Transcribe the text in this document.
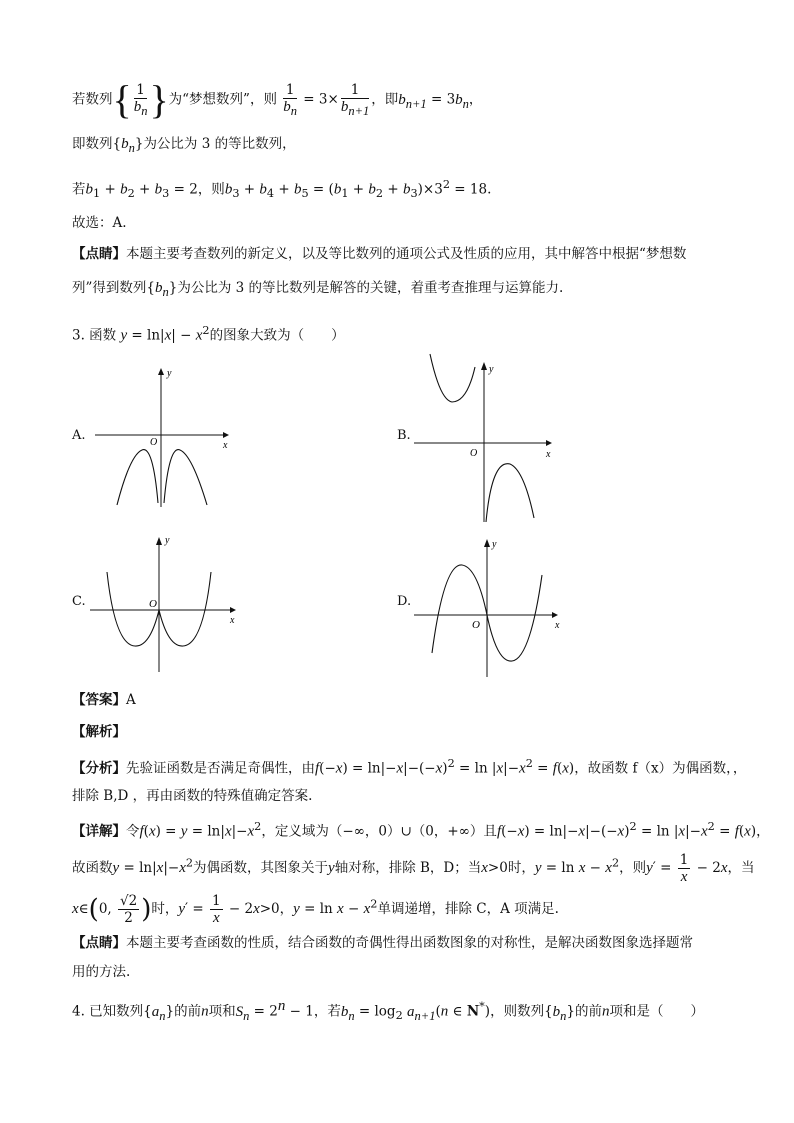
若数列{ $\frac{1}{b_n}$ }为“梦想数列”，则 $\frac{1}{b_n} = 3\times \frac{1}{b_{n+1}}$ ，即$b_{n+1} = 3b_n$，
即数列$\{b_n\}$为公比为 3 的等比数列，
若$b_1 + b_2 + b_3 = 2$，则$b_3 + b_4 + b_5 = (b_1 + b_2 + b_3)\times 3^2 = 18$.
故选：A.
【点睛】本题主要考查数列的新定义，以及等比数列的通项公式及性质的应用，其中解答中根据“梦想数
列”得到数列$\{b_n\}$为公比为 3 的等比数列是解答的关键，着重考查推理与运算能力.
3. 函数 $y = \ln|x| - x^2$的图象大致为（　　）
A.	B.
C.	D.
y
x
O
y
x
O
y
x
O
y
x
O
【答案】A
【解析】
【分析】先验证函数是否满足奇偶性，由$f(-x) = \ln|-x|-(-x)^2 = \ln |x|-x^2 = f(x)$，故函数 f（x）为偶函数，，
排除 B,D ，再由函数的特殊值确定答案.
【详解】令$f(x) = y = \ln|x|-x^2$，定义域为（−∞，0）∪（0，+∞）且$f(-x) = \ln|-x|-(-x)^2 = \ln |x|-x^2 = f(x)$，
故函数$y = \ln|x|-x^2$为偶函数，其图象关于y轴对称，排除 B，D；当x>0时，$y = \ln x - x^2$，则$y' = \frac{1}{x} - 2x$，当
x∈(0, $\frac{√2}{2}$ )时，$y' = \frac{1}{x} - 2x>0$，$y = \ln x - x^2$单调递增，排除 C，A 项满足.
【点睛】本题主要考查函数的性质，结合函数的奇偶性得出函数图象的对称性，是解决函数图象选择题常
用的方法.
4. 已知数列$\{a_n\}$的前n项和$S_n = 2^n - 1$，若$b_n = \log_2 a_{n+1}(n$ ∈ N*)，则数列$\{b_n\}$的前n项和是（　　）
